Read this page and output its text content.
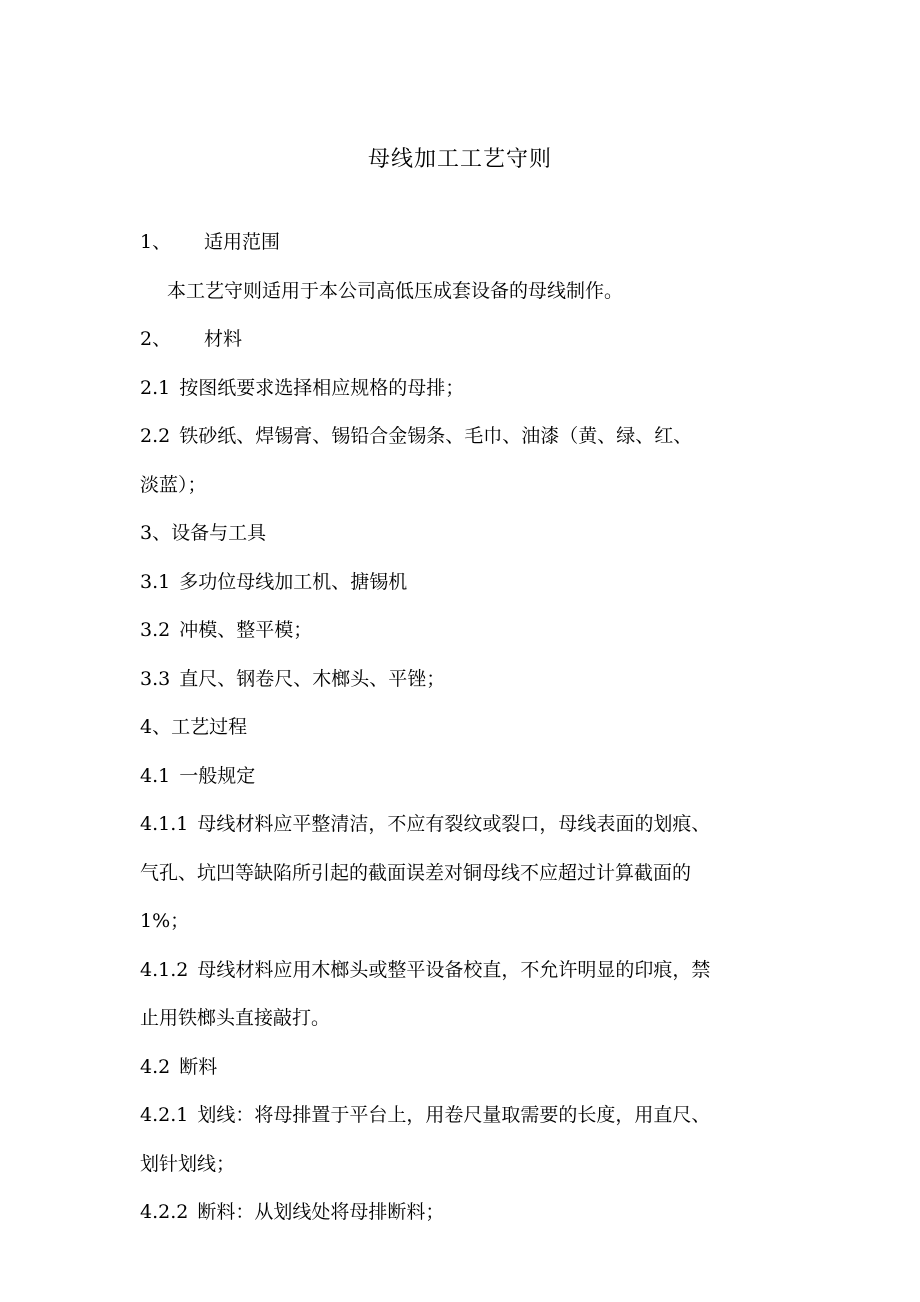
母线加工工艺守则
1、 适用范围
本工艺守则适用于本公司高低压成套设备的母线制作。
2、 材料
2.1 按图纸要求选择相应规格的母排；
2.2 铁砂纸、焊锡膏、锡铅合金锡条、毛巾、油漆（黄、绿、红、
淡蓝）；
3、设备与工具
3.1 多功位母线加工机、搪锡机
3.2 冲模、整平模；
3.3 直尺、钢卷尺、木榔头、平锉；
4、工艺过程
4.1 一般规定
4.1.1 母线材料应平整清洁，不应有裂纹或裂口，母线表面的划痕、
气孔、坑凹等缺陷所引起的截面误差对铜母线不应超过计算截面的
1%；
4.1.2 母线材料应用木榔头或整平设备校直，不允许明显的印痕，禁
止用铁榔头直接敲打。
4.2 断料
4.2.1 划线：将母排置于平台上，用卷尺量取需要的长度，用直尺、
划针划线；
4.2.2 断料：从划线处将母排断料；
